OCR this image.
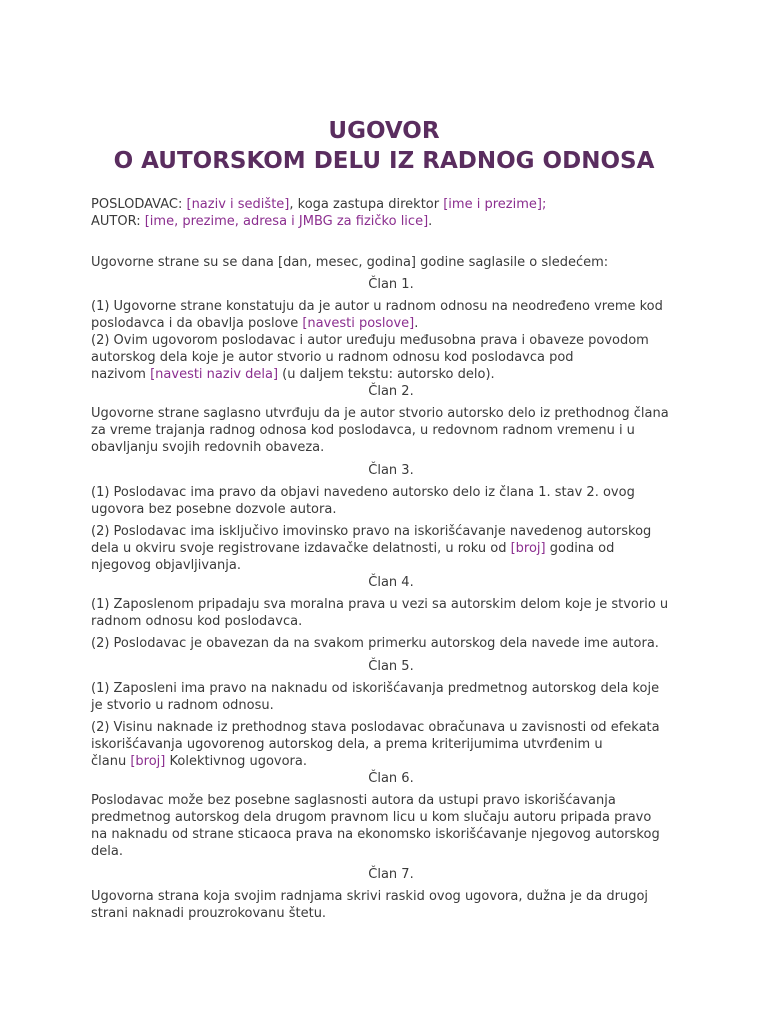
UGOVOR
O AUTORSKOM DELU IZ RADNOG ODNOSA

POSLODAVAC: [naziv i sedište], koga zastupa direktor [ime i prezime];

AUTOR: [ime, prezime, adresa i JMBG za fizičko lice].

Ugovorne strane su se dana [dan, mesec, godina] godine saglasile o sledećem:

Član 1.

(1) Ugovorne strane konstatuju da je autor u radnom odnosu na neodređeno vreme kod

poslodavca i da obavlja poslove [navesti poslove].

(2) Ovim ugovorom poslodavac i autor uređuju međusobna prava i obaveze povodom

autorskog dela koje je autor stvorio u radnom odnosu kod poslodavca pod

nazivom [navesti naziv dela] (u daljem tekstu: autorsko delo).

Član 2.

Ugovorne strane saglasno utvrđuju da je autor stvorio autorsko delo iz prethodnog člana

za vreme trajanja radnog odnosa kod poslodavca, u redovnom radnom vremenu i u

obavljanju svojih redovnih obaveza.

Član 3.

(1) Poslodavac ima pravo da objavi navedeno autorsko delo iz člana 1. stav 2. ovog

ugovora bez posebne dozvole autora.

(2) Poslodavac ima isključivo imovinsko pravo na iskorišćavanje navedenog autorskog

dela u okviru svoje registrovane izdavačke delatnosti, u roku od [broj] godina od

njegovog objavljivanja.

Član 4.

(1) Zaposlenom pripadaju sva moralna prava u vezi sa autorskim delom koje je stvorio u

radnom odnosu kod poslodavca.

(2) Poslodavac je obavezan da na svakom primerku autorskog dela navede ime autora.

Član 5.

(1) Zaposleni ima pravo na naknadu od iskorišćavanja predmetnog autorskog dela koje

je stvorio u radnom odnosu.

(2) Visinu naknade iz prethodnog stava poslodavac obračunava u zavisnosti od efekata

iskorišćavanja ugovorenog autorskog dela, a prema kriterijumima utvrđenim u

članu [broj] Kolektivnog ugovora.

Član 6.

Poslodavac može bez posebne saglasnosti autora da ustupi pravo iskorišćavanja

predmetnog autorskog dela drugom pravnom licu u kom slučaju autoru pripada pravo

na naknadu od strane sticaoca prava na ekonomsko iskorišćavanje njegovog autorskog

dela.

Član 7.

Ugovorna strana koja svojim radnjama skrivi raskid ovog ugovora, dužna je da drugoj

strani naknadi prouzrokovanu štetu.
